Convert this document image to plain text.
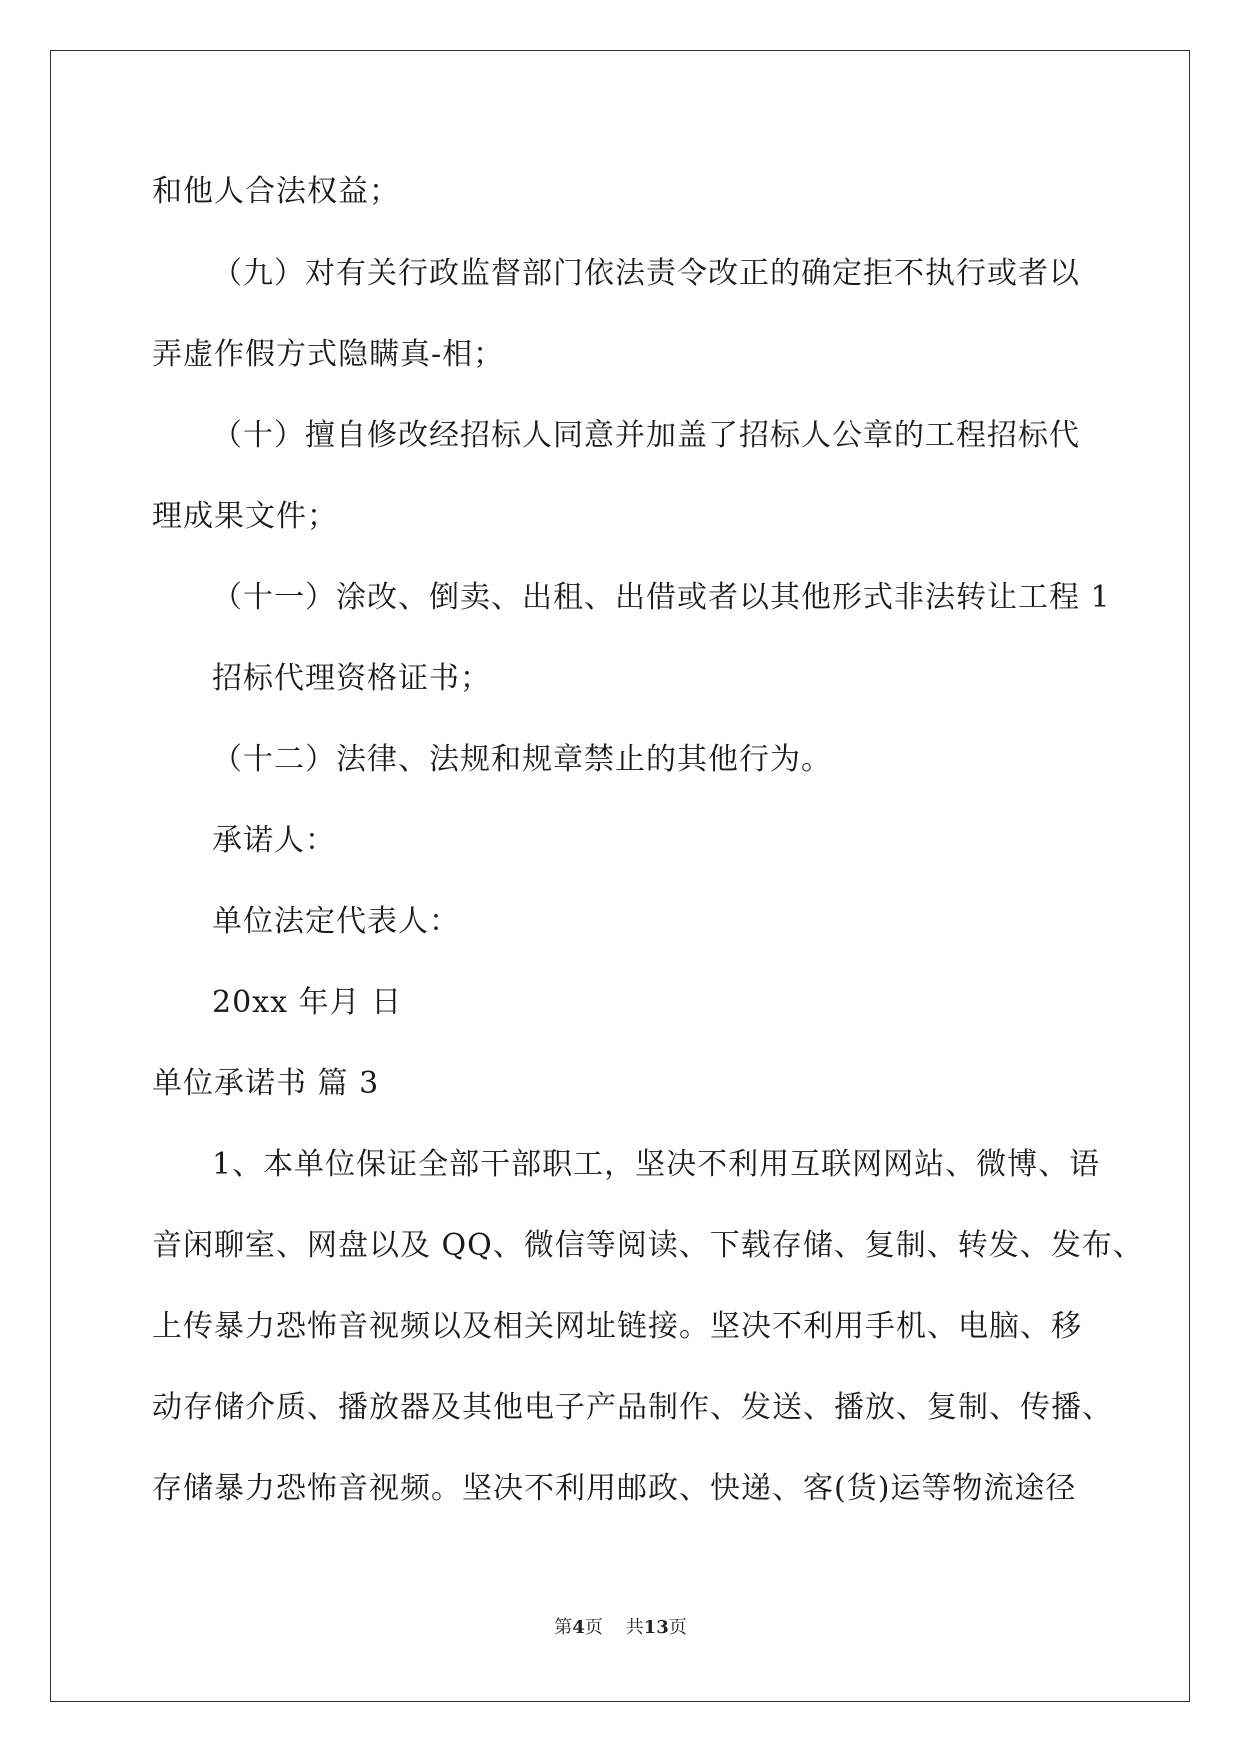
和他人合法权益；
（九）对有关行政监督部门依法责令改正的确定拒不执行或者以
弄虚作假方式隐瞒真-相；
（十）擅自修改经招标人同意并加盖了招标人公章的工程招标代
理成果文件；
（十一）涂改、倒卖、出租、出借或者以其他形式非法转让工程 1
招标代理资格证书；
（十二）法律、法规和规章禁止的其他行为。
承诺人：
单位法定代表人：
20xx 年月 日
单位承诺书 篇 3
1、本单位保证全部干部职工，坚决不利用互联网网站、微博、语
音闲聊室、网盘以及 QQ、微信等阅读、下载存储、复制、转发、发布、
上传暴力恐怖音视频以及相关网址链接。坚决不利用手机、电脑、移
动存储介质、播放器及其他电子产品制作、发送、播放、复制、传播、
存储暴力恐怖音视频。坚决不利用邮政、快递、客(货)运等物流途径
第4页    共13页
